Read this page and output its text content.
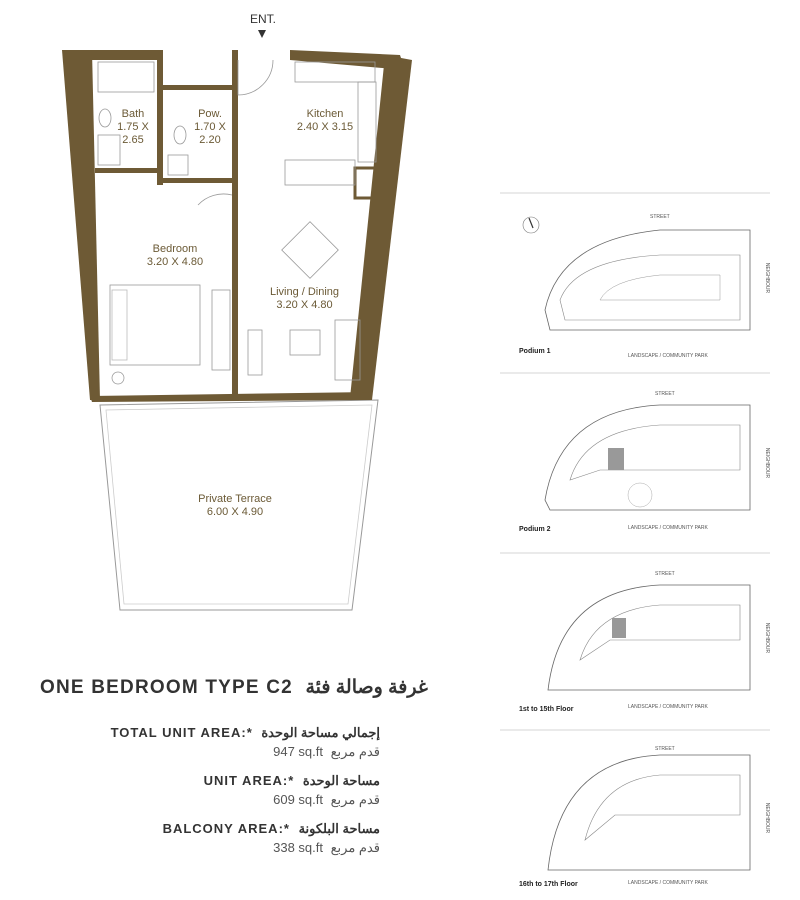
ENT.
Bath
1.75 X
2.65
Pow.
1.70 X
2.20
Kitchen
2.40 X 3.15
Bedroom
3.20 X 4.80
Living / Dining
3.20 X 4.80
Private Terrace
6.00 X 4.90
ONE BEDROOM TYPE C2 غرفة وصالة فئة
TOTAL UNIT AREA:* إجمالي مساحة الوحدة
947 sq.ft قدم مربع
UNIT AREA:* مساحة الوحدة
609 sq.ft قدم مربع
BALCONY AREA:* مساحة البلكونة
338 sq.ft قدم مربع
STREET
Podium 1
LANDSCAPE / COMMUNITY PARK
NEIGHBOUR
STREET
Podium 2	LANDSCAPE / COMMUNITY PARK
NEIGHBOUR
STREET
1st to 15th Floor	LANDSCAPE / COMMUNITY PARK
NEIGHBOUR
STREET
16th to 17th Floor	LANDSCAPE / COMMUNITY PARK
NEIGHBOUR
